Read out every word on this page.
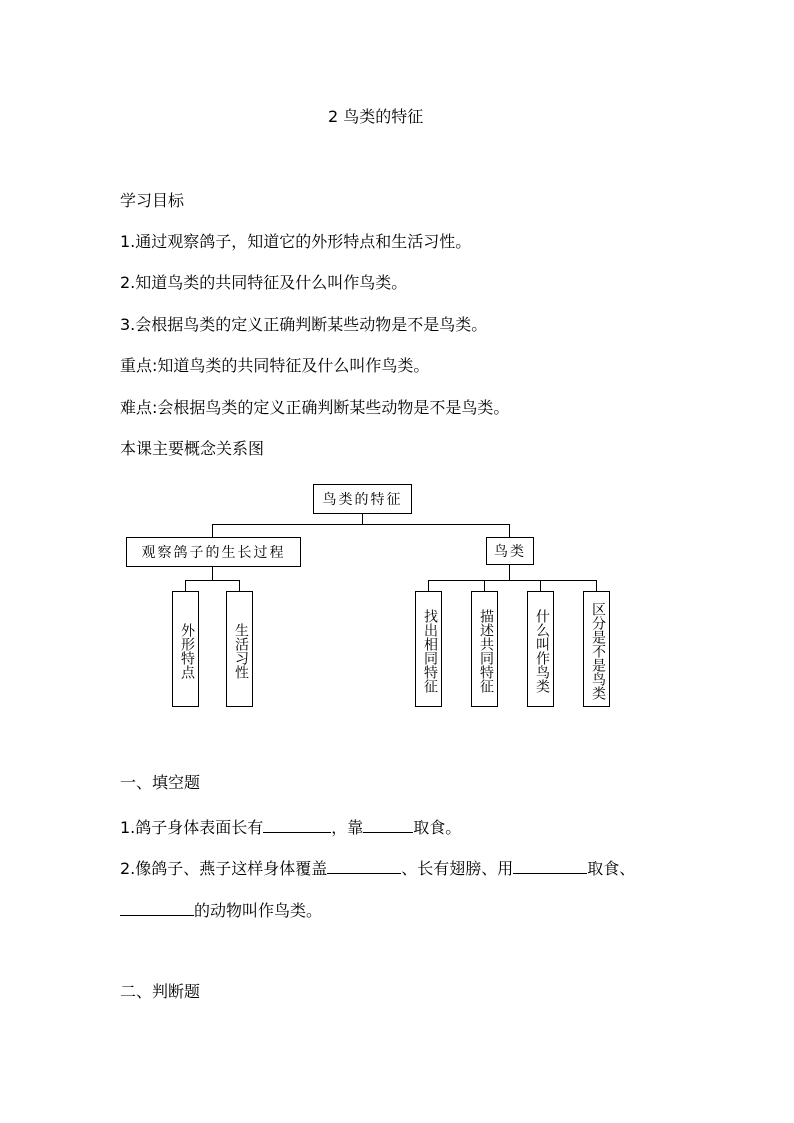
2 鸟类的特征
学习目标
1.通过观察鸽子，知道它的外形特点和生活习性。
2.知道鸟类的共同特征及什么叫作鸟类。
3.会根据鸟类的定义正确判断某些动物是不是鸟类。
重点:知道鸟类的共同特征及什么叫作鸟类。
难点:会根据鸟类的定义正确判断某些动物是不是鸟类。
本课主要概念关系图
鸟类的特征
观察鸽子的生长过程
外形特点	生活习性
鸟类
找出相同特征	描述共同特征	什么叫作鸟类	区分是不是鸟类
一、填空题
1.鸽子身体表面长有	，靠	取食。
2.像鸽子、燕子这样身体覆盖	、长有翅膀、用	取食、
的动物叫作鸟类。
二、判断题
